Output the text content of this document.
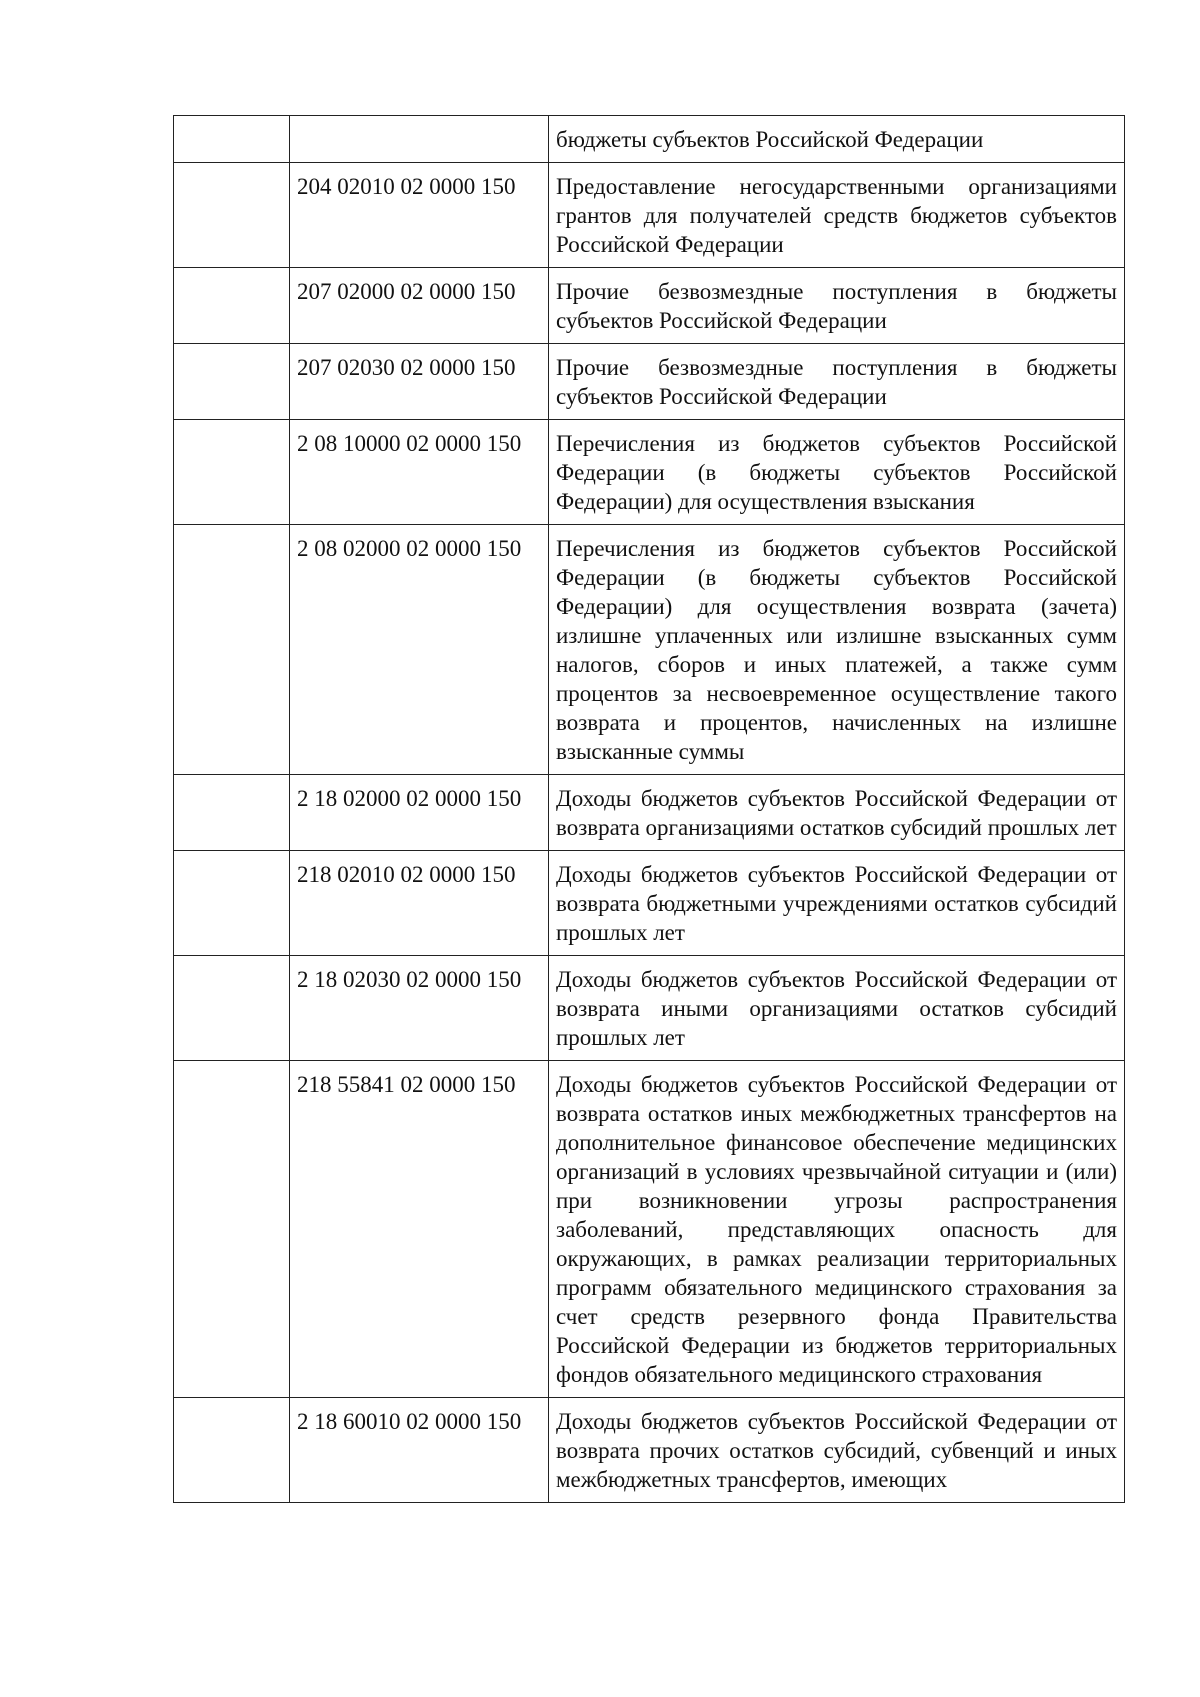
		бюджеты субъектов Российской Федерации
	204 02010 02 0000 150	Предоставление негосударственными организациями грантов для получателей средств бюджетов субъектов Российской Федерации
	207 02000 02 0000 150	Прочие безвозмездные поступления в бюджеты субъектов Российской Федерации
	207 02030 02 0000 150	Прочие безвозмездные поступления в бюджеты субъектов Российской Федерации
	2 08 10000 02 0000 150	Перечисления из бюджетов субъектов Российской Федерации (в бюджеты субъектов Российской Федерации) для осуществления взыскания
	2 08 02000 02 0000 150	Перечисления из бюджетов субъектов Российской Федерации (в бюджеты субъектов Российской Федерации) для осуществления возврата (зачета) излишне уплаченных или излишне взысканных сумм налогов, сборов и иных платежей, а также сумм процентов за несвоевременное осуществление такого возврата и процентов, начисленных на излишне взысканные суммы
	2 18 02000 02 0000 150	Доходы бюджетов субъектов Российской Федерации от возврата организациями остатков субсидий прошлых лет
	218 02010 02 0000 150	Доходы бюджетов субъектов Российской Федерации от возврата бюджетными учреждениями остатков субсидий прошлых лет
	2 18 02030 02 0000 150	Доходы бюджетов субъектов Российской Федерации от возврата иными организациями остатков субсидий прошлых лет
	218 55841 02 0000 150	Доходы бюджетов субъектов Российской Федерации от возврата остатков иных межбюджетных трансфертов на дополнительное финансовое обеспечение медицинских организаций в условиях чрезвычайной ситуации и (или) при возникновении угрозы распространения заболеваний, представляющих опасность для окружающих, в рамках реализации территориальных программ обязательного медицинского страхования за счет средств резервного фонда Правительства Российской Федерации из бюджетов территориальных фондов обязательного медицинского страхования
	2 18 60010 02 0000 150	Доходы бюджетов субъектов Российской Федерации от возврата прочих остатков субсидий, субвенций и иных межбюджетных трансфертов, имеющих
